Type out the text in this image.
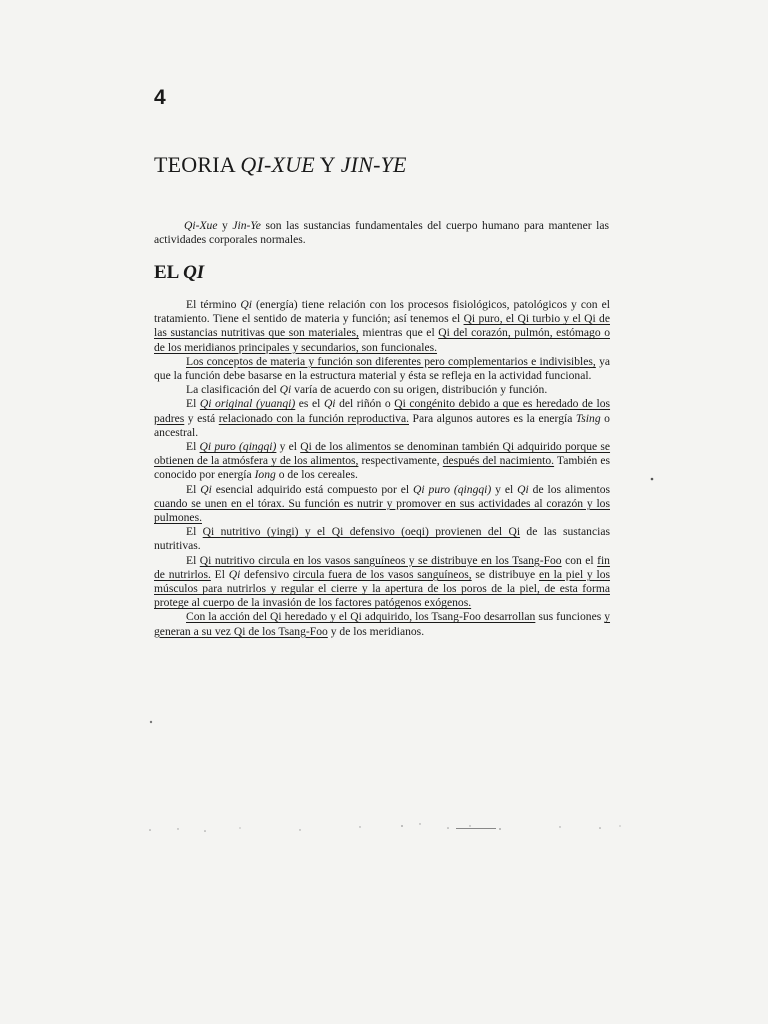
4
TEORIA QI-XUE Y JIN-YE

Qi-Xue y Jin-Ye son las sustancias fundamentales del cuerpo humano para mantener las actividades corporales normales.

EL QI

El término Qi (energía) tiene relación con los procesos fisiológicos, patológicos y con el tratamiento. Tiene el sentido de materia y función; así tenemos el Qi puro, el Qi turbio y el Qi de las sustancias nutritivas que son materiales, mientras que el Qi del corazón, pulmón, estómago o de los meridianos principales y secundarios, son funcionales.

Los conceptos de materia y función son diferentes pero complementarios e indivisibles, ya que la función debe basarse en la estructura material y ésta se refleja en la actividad funcional.

La clasificación del Qi varía de acuerdo con su origen, distribución y función.

El Qi original (yuanqi) es el Qi del riñón o Qi congénito debido a que es heredado de los padres y está relacionado con la función reproductiva. Para algunos autores es la energía Tsing o ancestral.

El Qi puro (qingqi) y el Qi de los alimentos se denominan también Qi adquirido porque se obtienen de la atmósfera y de los alimentos, respectivamente, después del nacimiento. También es conocido por energía Iong o de los cereales.

El Qi esencial adquirido está compuesto por el Qi puro (qingqi) y el Qi de los alimentos cuando se unen en el tórax. Su función es nutrir y promover en sus actividades al corazón y los pulmones.

El Qi nutritivo (yingi) y el Qi defensivo (oeqi) provienen del Qi de las sustancias nutritivas.

El Qi nutritivo circula en los vasos sanguíneos y se distribuye en los Tsang-Foo con el fin de nutrirlos. El Qi defensivo circula fuera de los vasos sanguíneos, se distribuye en la piel y los músculos para nutrirlos y regular el cierre y la apertura de los poros de la piel, de esta forma protege al cuerpo de la invasión de los factores patógenos exógenos.

Con la acción del Qi heredado y el Qi adquirido, los Tsang-Foo desarrollan sus funciones y generan a su vez Qi de los Tsang-Foo y de los meridianos.
